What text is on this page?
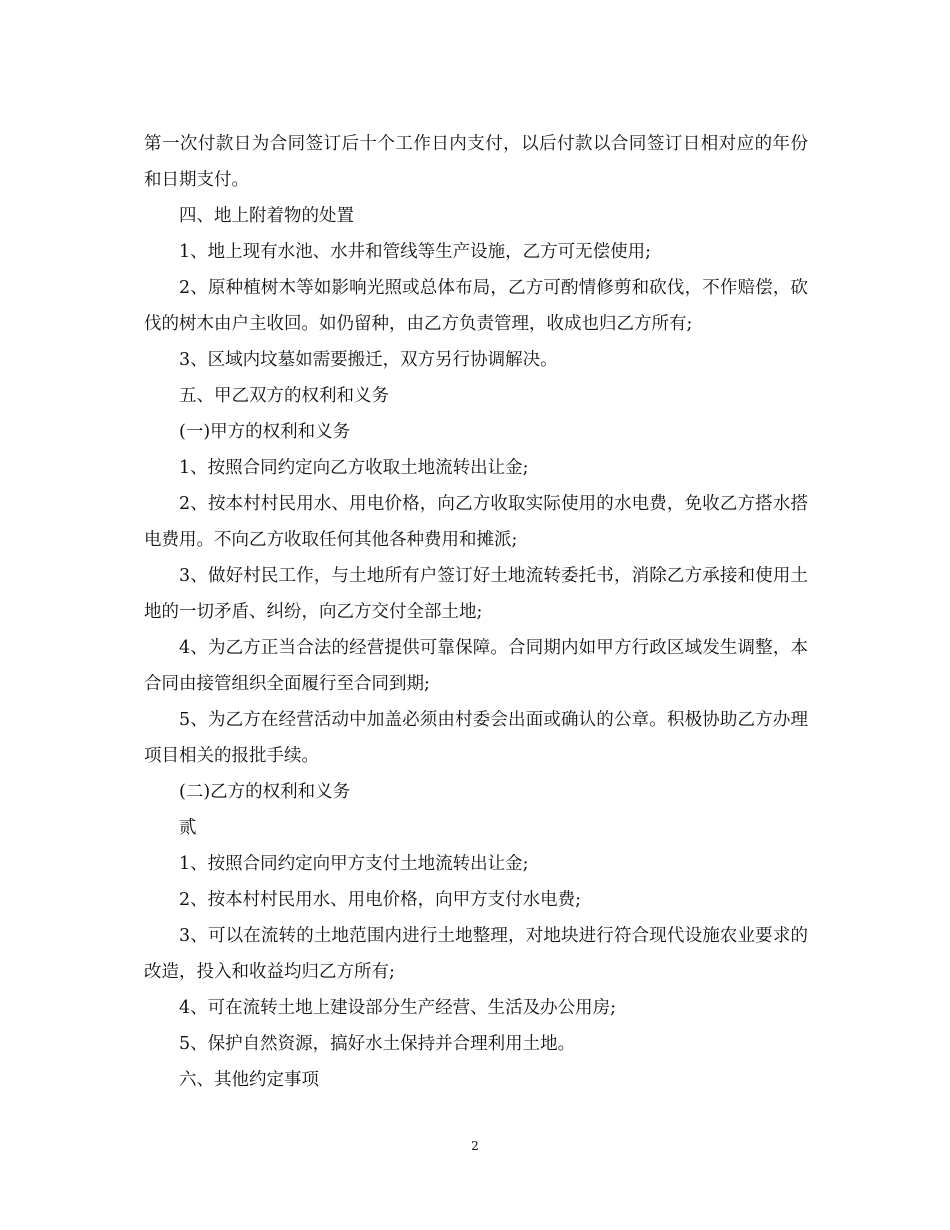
第一次付款日为合同签订后十个工作日内支付，以后付款以合同签订日相对应的年份和日期支付。

四、地上附着物的处置

1、地上现有水池、水井和管线等生产设施，乙方可无偿使用;

2、原种植树木等如影响光照或总体布局，乙方可酌情修剪和砍伐，不作赔偿，砍伐的树木由户主收回。如仍留种，由乙方负责管理，收成也归乙方所有;

3、区域内坟墓如需要搬迁，双方另行协调解决。

五、甲乙双方的权利和义务

(一)甲方的权利和义务

1、按照合同约定向乙方收取土地流转出让金;

2、按本村村民用水、用电价格，向乙方收取实际使用的水电费，免收乙方搭水搭电费用。不向乙方收取任何其他各种费用和摊派;

3、做好村民工作，与土地所有户签订好土地流转委托书，消除乙方承接和使用土地的一切矛盾、纠纷，向乙方交付全部土地;

4、为乙方正当合法的经营提供可靠保障。合同期内如甲方行政区域发生调整，本合同由接管组织全面履行至合同到期;

5、为乙方在经营活动中加盖必须由村委会出面或确认的公章。积极协助乙方办理项目相关的报批手续。

(二)乙方的权利和义务

贰

1、按照合同约定向甲方支付土地流转出让金;

2、按本村村民用水、用电价格，向甲方支付水电费;

3、可以在流转的土地范围内进行土地整理，对地块进行符合现代设施农业要求的改造，投入和收益均归乙方所有;

4、可在流转土地上建设部分生产经营、生活及办公用房;

5、保护自然资源，搞好水土保持并合理利用土地。

六、其他约定事项

2
